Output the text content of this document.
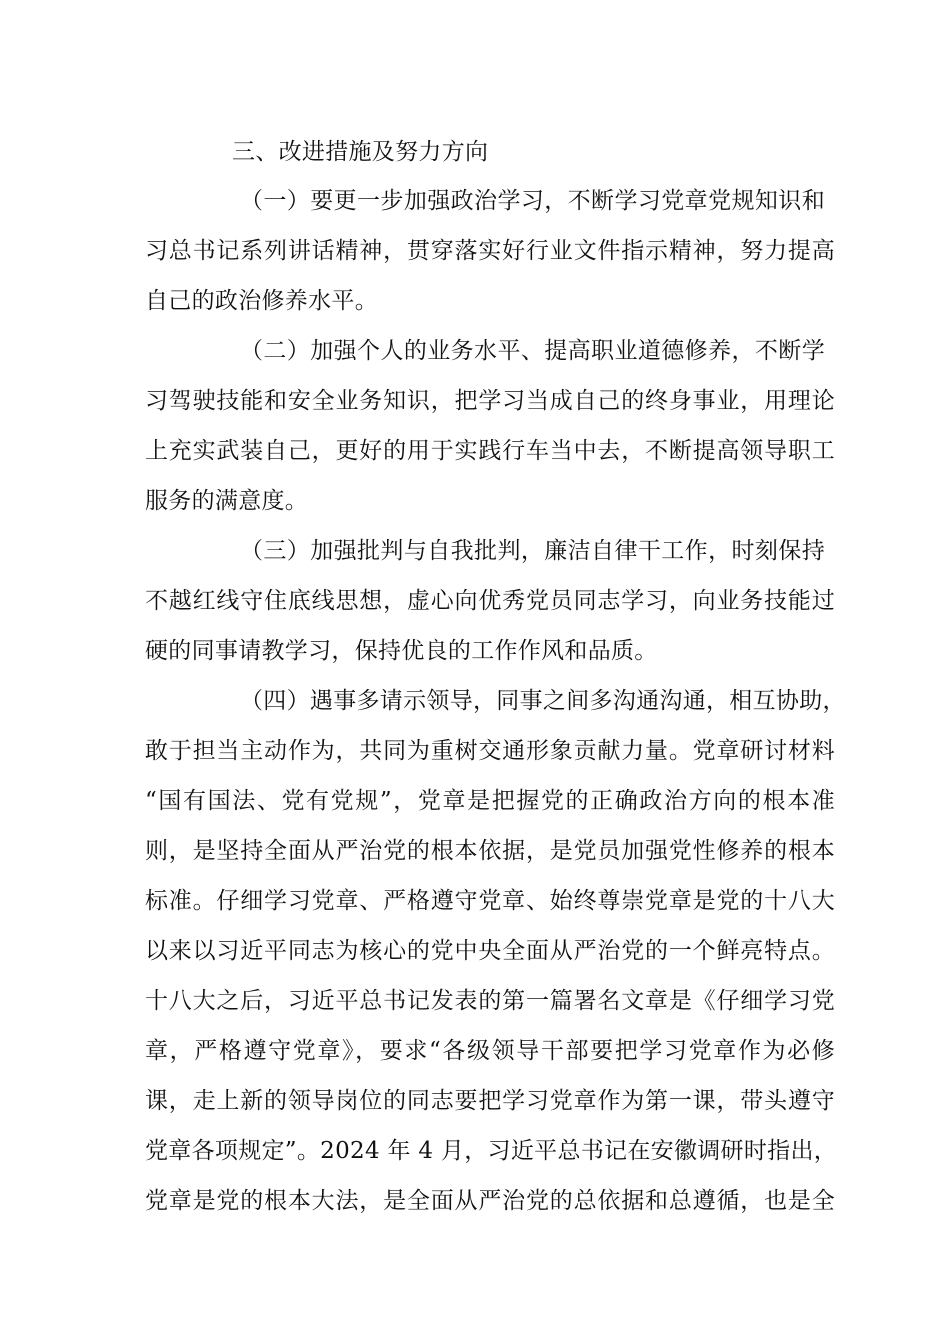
三、改进措施及努力方向
（一）要更一步加强政治学习，不断学习党章党规知识和
习总书记系列讲话精神，贯穿落实好行业文件指示精神，努力提高
自己的政治修养水平。
（二）加强个人的业务水平、提高职业道德修养，不断学
习驾驶技能和安全业务知识，把学习当成自己的终身事业，用理论
上充实武装自己，更好的用于实践行车当中去，不断提高领导职工
服务的满意度。
（三）加强批判与自我批判，廉洁自律干工作，时刻保持
不越红线守住底线思想，虚心向优秀党员同志学习，向业务技能过
硬的同事请教学习，保持优良的工作作风和品质。
（四）遇事多请示领导，同事之间多沟通沟通，相互协助，
敢于担当主动作为，共同为重树交通形象贡献力量。党章研讨材料
“国有国法、党有党规”，党章是把握党的正确政治方向的根本准
则，是坚持全面从严治党的根本依据，是党员加强党性修养的根本
标准。仔细学习党章、严格遵守党章、始终尊崇党章是党的十八大
以来以习近平同志为核心的党中央全面从严治党的一个鲜亮特点。
十八大之后，习近平总书记发表的第一篇署名文章是《仔细学习党
章，严格遵守党章》，要求“各级领导干部要把学习党章作为必修
课，走上新的领导岗位的同志要把学习党章作为第一课，带头遵守
党章各项规定”。2024 年 4 月，习近平总书记在安徽调研时指出，
党章是党的根本大法，是全面从严治党的总依据和总遵循，也是全
